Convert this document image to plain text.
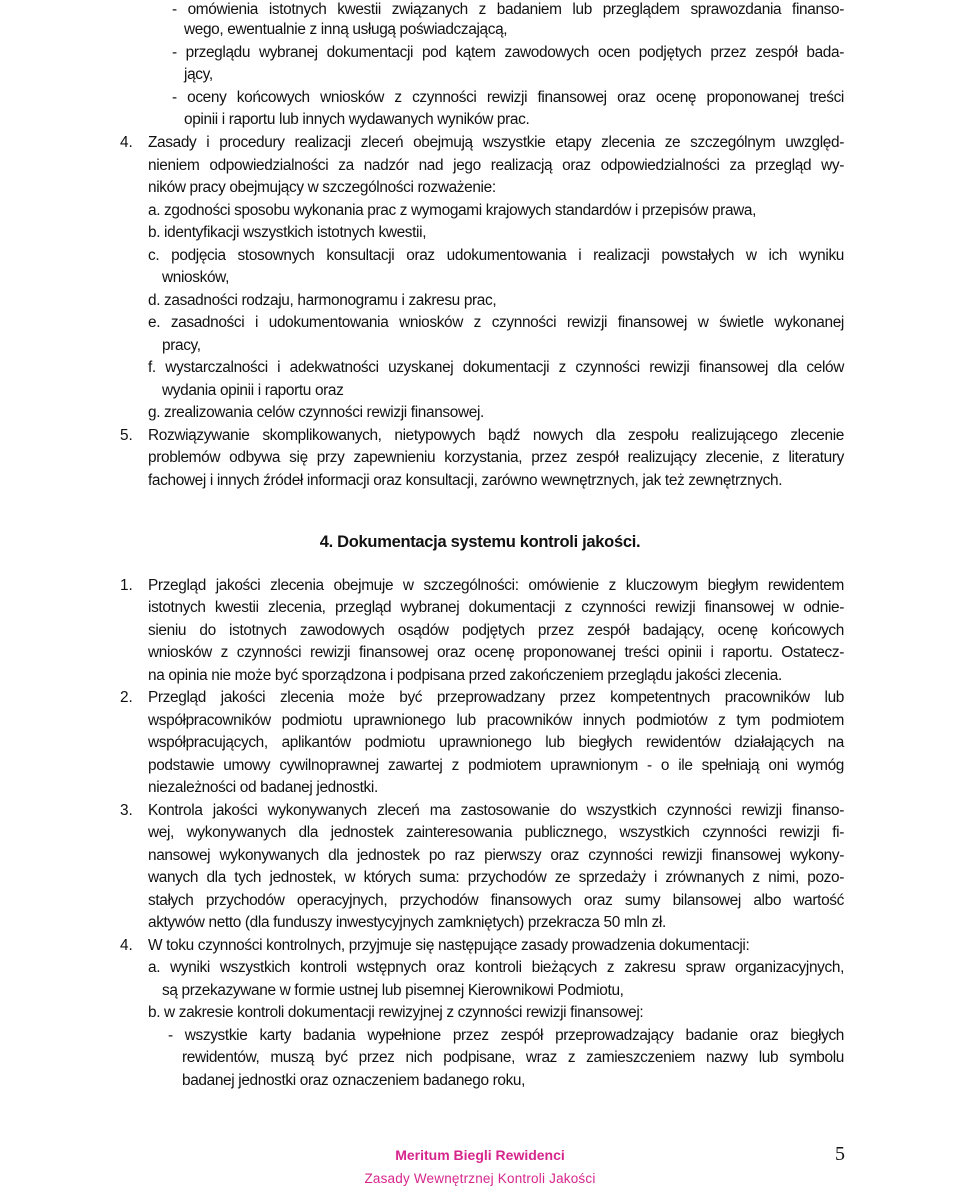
- omówienia istotnych kwestii związanych z badaniem lub przeglądem sprawozdania finanso-
wego, ewentualnie z inną usługą poświadczającą,
- przeglądu wybranej dokumentacji pod kątem zawodowych ocen podjętych przez zespół bada-
jący,
- oceny końcowych wniosków z czynności rewizji finansowej oraz ocenę proponowanej treści
opinii i raportu lub innych wydawanych wyników prac.
4. Zasady i procedury realizacji zleceń obejmują wszystkie etapy zlecenia ze szczególnym uwzględ-
nieniem odpowiedzialności za nadzór nad jego realizacją oraz odpowiedzialności za przegląd wy-
ników pracy obejmujący w szczególności rozważenie:
a. zgodności sposobu wykonania prac z wymogami krajowych standardów i przepisów prawa,
b. identyfikacji wszystkich istotnych kwestii,
c. podjęcia stosownych konsultacji oraz udokumentowania i realizacji powstałych w ich wyniku
wniosków,
d. zasadności rodzaju, harmonogramu i zakresu prac,
e. zasadności i udokumentowania wniosków z czynności rewizji finansowej w świetle wykonanej
pracy,
f. wystarczalności i adekwatności uzyskanej dokumentacji z czynności rewizji finansowej dla celów
wydania opinii i raportu oraz
g. zrealizowania celów czynności rewizji finansowej.
5. Rozwiązywanie skomplikowanych, nietypowych bądź nowych dla zespołu realizującego zlecenie
problemów odbywa się przy zapewnieniu korzystania, przez zespół realizujący zlecenie, z literatury
fachowej i innych źródeł informacji oraz konsultacji, zarówno wewnętrznych, jak też zewnętrznych.
4. Dokumentacja systemu kontroli jakości.
1. Przegląd jakości zlecenia obejmuje w szczególności: omówienie z kluczowym biegłym rewidentem
istotnych kwestii zlecenia, przegląd wybranej dokumentacji z czynności rewizji finansowej w odnie-
sieniu do istotnych zawodowych osądów podjętych przez zespół badający, ocenę końcowych
wniosków z czynności rewizji finansowej oraz ocenę proponowanej treści opinii i raportu. Ostatecz-
na opinia nie może być sporządzona i podpisana przed zakończeniem przeglądu jakości zlecenia.
2. Przegląd jakości zlecenia może być przeprowadzany przez kompetentnych pracowników lub
współpracowników podmiotu uprawnionego lub pracowników innych podmiotów z tym podmiotem
współpracujących, aplikantów podmiotu uprawnionego lub biegłych rewidentów działających na
podstawie umowy cywilnoprawnej zawartej z podmiotem uprawnionym - o ile spełniają oni wymóg
niezależności od badanej jednostki.
3. Kontrola jakości wykonywanych zleceń ma zastosowanie do wszystkich czynności rewizji finanso-
wej, wykonywanych dla jednostek zainteresowania publicznego, wszystkich czynności rewizji fi-
nansowej wykonywanych dla jednostek po raz pierwszy oraz czynności rewizji finansowej wykony-
wanych dla tych jednostek, w których suma: przychodów ze sprzedaży i zrównanych z nimi, pozo-
stałych przychodów operacyjnych, przychodów finansowych oraz sumy bilansowej albo wartość
aktywów netto (dla funduszy inwestycyjnych zamkniętych) przekracza 50 mln zł.
4. W toku czynności kontrolnych, przyjmuje się następujące zasady prowadzenia dokumentacji:
a. wyniki wszystkich kontroli wstępnych oraz kontroli bieżących z zakresu spraw organizacyjnych,
są przekazywane w formie ustnej lub pisemnej Kierownikowi Podmiotu,
b. w zakresie kontroli dokumentacji rewizyjnej z czynności rewizji finansowej:
- wszystkie karty badania wypełnione przez zespół przeprowadzający badanie oraz biegłych
rewidentów, muszą być przez nich podpisane, wraz z zamieszczeniem nazwy lub symbolu
badanej jednostki oraz oznaczeniem badanego roku,
Meritum Biegli Rewidenci
Zasady Wewnętrznej Kontroli Jakości
5
